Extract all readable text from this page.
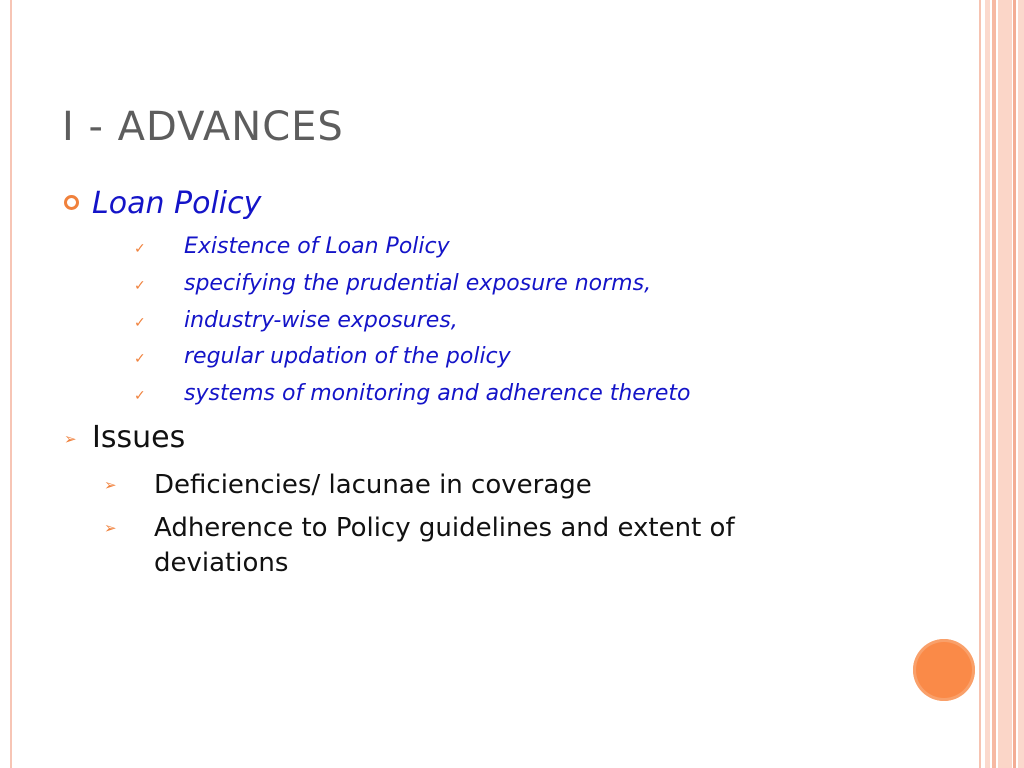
I - ADVANCES
Loan Policy
✓	Existence of Loan Policy
✓	specifying the prudential exposure norms,
✓	industry-wise exposures,
✓	regular updation of the policy
✓	systems of monitoring and adherence thereto
➢ Issues
➢	Deficiencies/ lacunae in coverage
➢	Adherence to Policy guidelines and extent of deviations
